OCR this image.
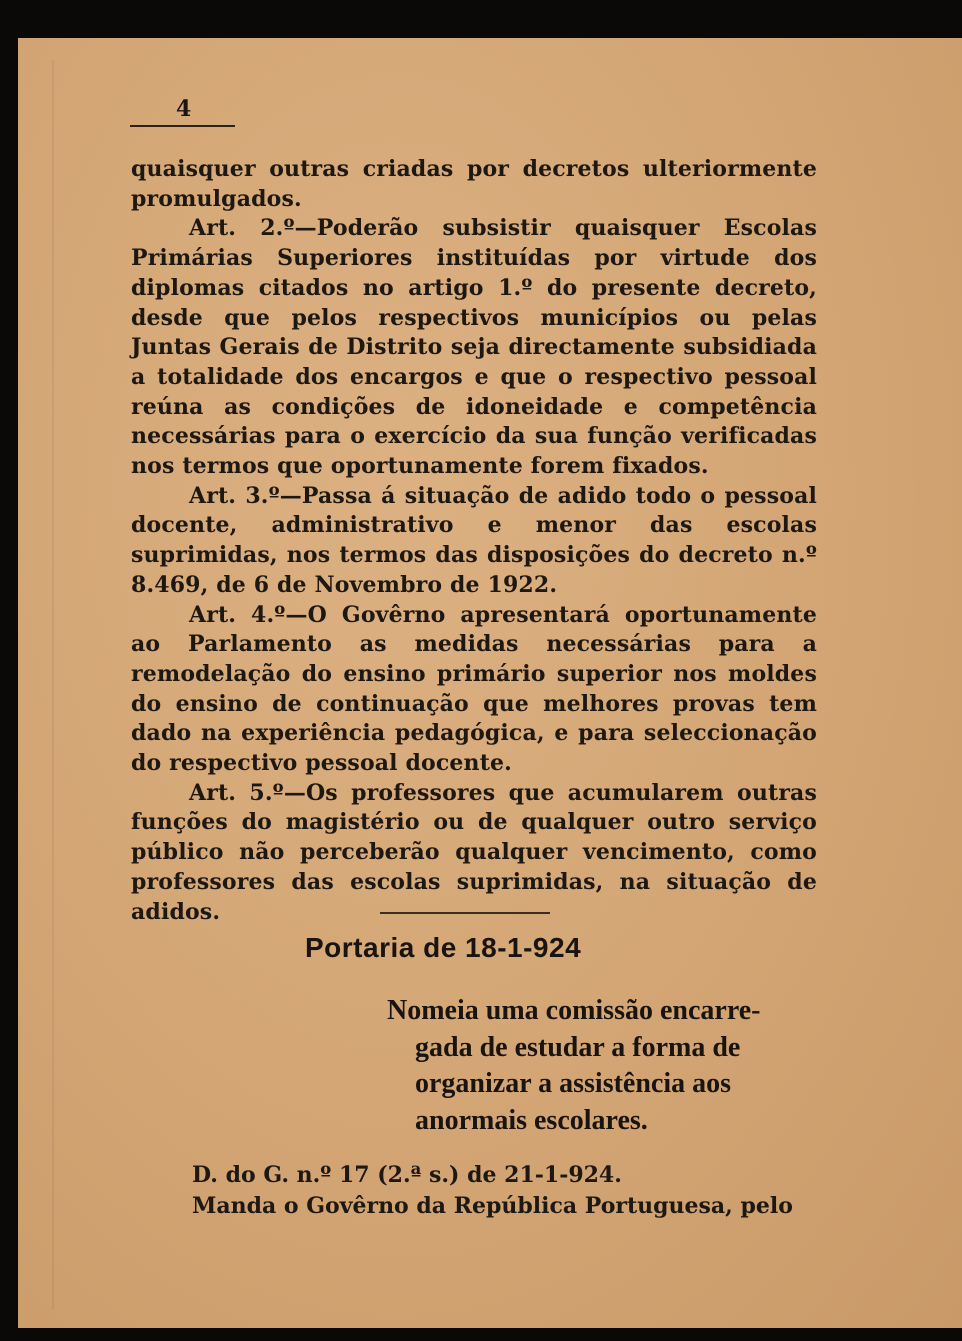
4

quaisquer outras criadas por decretos ulteriormente promulgados.

Art. 2.º—Poderão subsistir quaisquer Escolas Primárias Superiores instituídas por virtude dos diplomas citados no artigo 1.º do presente decreto, desde que pelos respectivos municípios ou pelas Juntas Gerais de Distrito seja directamente subsidiada a totalidade dos encargos e que o respectivo pessoal reúna as condições de idoneidade e competência necessárias para o exercício da sua função verificadas nos termos que oportunamente forem fixados.

Art. 3.º—Passa á situação de adido todo o pessoal docente, administrativo e menor das escolas suprimidas, nos termos das disposições do decreto n.º 8.469, de 6 de Novembro de 1922.

Art. 4.º—O Govêrno apresentará oportunamente ao Parlamento as medidas necessárias para a remodelação do ensino primário superior nos moldes do ensino de continuação que melhores provas tem dado na experiência pedagógica, e para seleccionação do respectivo pessoal docente.

Art. 5.º—Os professores que acumularem outras funções do magistério ou de qualquer outro serviço público não perceberão qualquer vencimento, como professores das escolas suprimidas, na situação de adidos.

Portaria de 18-1-924
Nomeia uma comissão encarre-
gada de estudar a forma de
organizar a assistência aos
anormais escolares.
D. do G. n.º 17 (2.ª s.) de 21-1-924.
Manda o Govêrno da República Portuguesa, pelo
